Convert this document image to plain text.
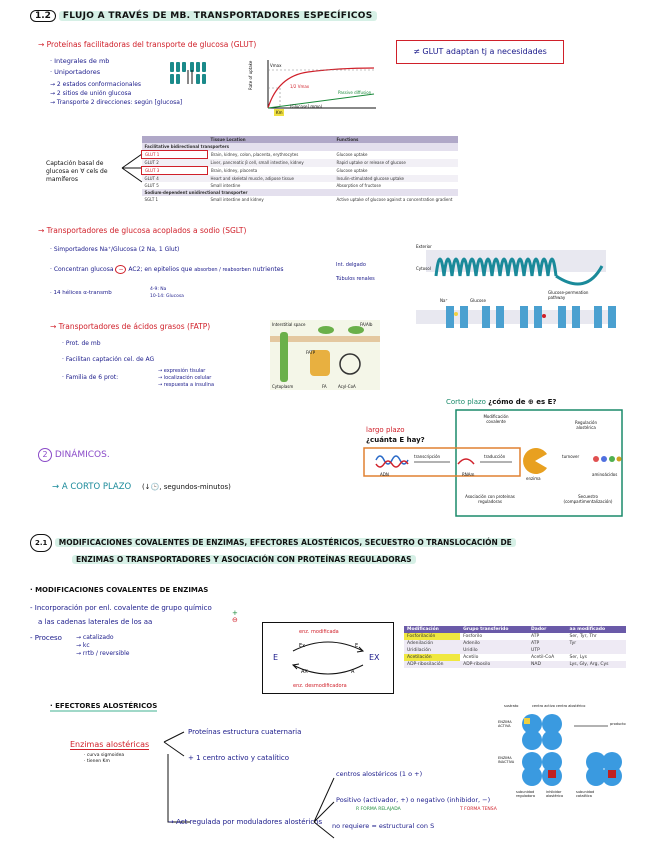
1.2 FLUJO A TRAVÉS DE MB. TRANSPORTADORES ESPECÍFICOS
→ Proteínas facilitadoras del transporte de glucosa (GLUT)
· Integrales de mb
· Uniportadores
→ 2 estados conformacionales
→ 2 sitios de unión glucosa
→ Transporte 2 direcciones: según [glucosa]
Rate of uptake	Vmax
1/2 Vmax
Passive diffusion
Km
[Glucose] mmol
≠ GLUT adaptan tj a necesidades
Captación basal de glucosa en ∀ cels de mamíferos
	Tissue Location	Functions
Facilitative bidirectional transporters		
GLUT 1	Brain, kidney, colon, placenta, erythrocytes	Glucose uptake
GLUT 2	Liver, pancreatic β cell, small intestine, kidney	Rapid uptake or release of glucose
GLUT 3	Brain, kidney, placenta	Glucose uptake
GLUT 4	Heart and skeletal muscle, adipose tissue	Insulin-stimulated glucose uptake
GLUT 5	Small intestine	Absorption of fructose
Sodium-dependent unidirectional transporter		
SGLT 1	Small intestine and kidney	Active uptake of glucose against a concentration gradient
→ Transportadores de glucosa acoplados a sodio (SGLT)
· Simportadores Na⁺/Glucosa (2 Na, 1 Glut)
· Concentran glucosa − AC2; en epitelios que absorben / reabsorben nutrientes
Int. delgado
Túbulos renales
· 14 hélices α-transmb
4-9: Na
10-14: Glucosa
Exterior
Cytosol
Glucose-permeation pathway
Na⁺	Glucose
→ Transportadores de ácidos grasos (FATP)
· Prot. de mb
· Facilitan captación cel. de AG
· Familia de 6 prot:
→ expresión tisular
→ localización celular
→ respuesta a insulina
Interstitial space
Cytoplasm
FATP
Acyl-CoA
FA
FA/Alb
2 DINÁMICOS.
→ A CORTO PLAZO (↓🕒, segundos-minutos)
Corto plazo ¿cómo de ⊕ es E?
largo plazo
¿cuánta E hay?
transcripción	traducción
ADN	RNAm
enzima
turnover
aminoácidos
Modificación covalente	Regulación alostérica
Asociación con proteínas reguladoras
Secuestro (compartimentalización)
2.1 MODIFICACIONES COVALENTES DE ENZIMAS, EFECTORES ALOSTÉRICOS, SECUESTRO O TRANSLOCACIÓN DE
ENZIMAS O TRANSPORTADORES Y ASOCIACIÓN CON PROTEÍNAS REGULADORAS
· MODIFICACIONES COVALENTES DE ENZIMAS
- Incorporación por enl. covalente de grupo químico
a las cadenas laterales de los aa
+
⊖
- Proceso → catalizado
→ kc
→ rrtb / reversible
enz. modificada
enz. desmodificadora
E	EX
Ex	E
AX	A
Modificación	Grupo transferido	Dador	aa modificado
Fosforilación	Fosforilo	ATP	Ser, Tyr, Thr
Adenilación	Adenilo	ATP	Tyr
Uridilación	Uridilo	UTP	
Acetilación	Acetilo	Acetil-CoA	Ser, Lys
ADP-ribosilación	ADP-ribosilo	NAD	Lys, Gly, Arg, Cys
· EFECTORES ALOSTÉRICOS
Enzimas alostéricas
· curva sigmoidea
· tienen Km
Proteínas estructura cuaternaria
+ 1 centro activo y catalítico
→ Act regulada por moduladores alostéricos
centros alostéricos (1 o +)
Positivo (activador, +) o negativo (inhibidor, −)
R FORMA RELAJADA	T FORMA TENSA
no requiere ≈ estructural con S
sustrato	centro activo centro alostérico
ENZIMA ACTIVA
ENZIMA INACTIVA
subunidad reguladora
inhibidor alostérico
subunidad catalítica
producto
